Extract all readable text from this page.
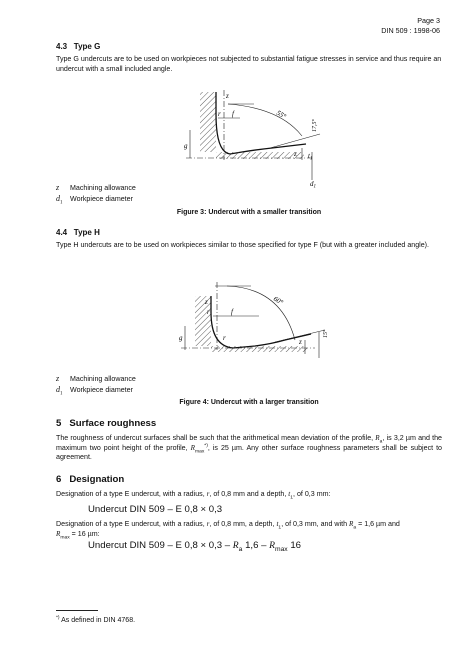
Page 3
DIN 509 : 1998-06
4.3   Type G
Type G undercuts are to be used on workpieces not subjected to substantial fatigue stresses in service and thus require an undercut with a small included angle.
z
r f	55°
g
z $t_1$
17,5°
$d_1$
z Machining allowance
$d_1Workpiece$ diameter
Figure 3: Undercut with a smaller transition
4.4   Type H
Type H undercuts are to be used on workpieces similar to those specified for type F (but with a greater included angle).
z	60°
r	f
g	r	z
15°
z Machining allowance
$d_1Workpiece$ diameter
Figure 4: Undercut with a larger transition
5   Surface roughness
The roughness of undercut surfaces shall be such that the arithmetical mean deviation of the profile, $R_a$, is 3,2 µm and the maximum two point height of the profile, $R_{max}^{*)}$, is 25 µm. Any other surface roughness parameters shall be subject to agreement.
6   Designation
Designation of a type E undercut, with a radius, r, of 0,8 mm and a depth, $t_1$, of 0,3 mm:
Undercut DIN 509 – E 0,8 × 0,3
Designation of a type E undercut, with a radius, r, of 0,8 mm, a depth, $t_1$, of 0,3 mm, and with $R_a = 1,6$ µm and
$R_{max} = 16$ µm:
Undercut DIN 509 – E $0,8 \times 0,3 - R_a$ $1,6 - R_{max}$ 16
*) As defined in DIN 4768.
